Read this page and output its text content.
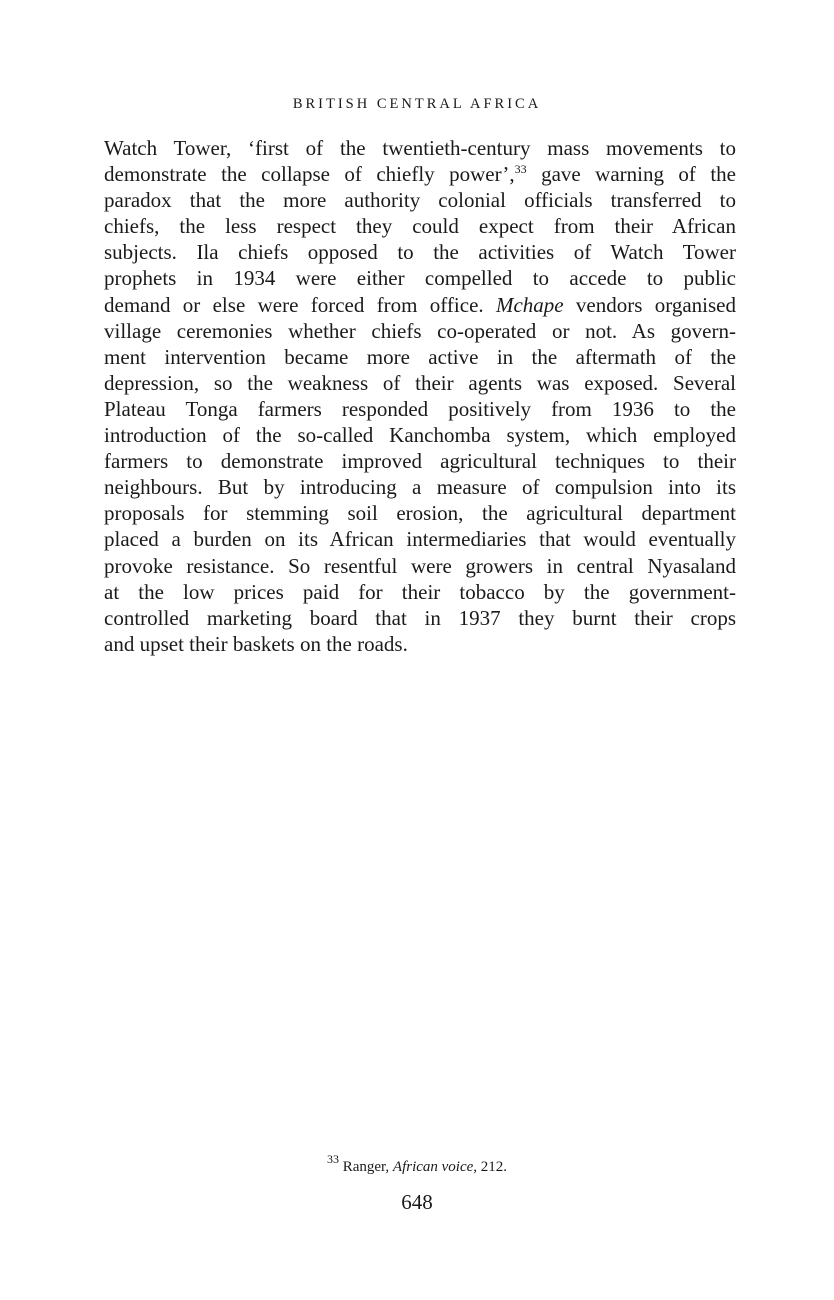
BRITISH CENTRAL AFRICA
Watch Tower, ‘first of the twentieth-century mass movements to
demonstrate the collapse of chiefly power’,$^{33}$ gave warning of the
paradox that the more authority colonial officials transferred to
chiefs, the less respect they could expect from their African
subjects. Ila chiefs opposed to the activities of Watch Tower
prophets in 1934 were either compelled to accede to public
demand or else were forced from office. Mchape vendors organised
village ceremonies whether chiefs co-operated or not. As govern-
ment intervention became more active in the aftermath of the
depression, so the weakness of their agents was exposed. Several
Plateau Tonga farmers responded positively from 1936 to the
introduction of the so-called Kanchomba system, which employed
farmers to demonstrate improved agricultural techniques to their
neighbours. But by introducing a measure of compulsion into its
proposals for stemming soil erosion, the agricultural department
placed a burden on its African intermediaries that would eventually
provoke resistance. So resentful were growers in central Nyasaland
at the low prices paid for their tobacco by the government-
controlled marketing board that in 1937 they burnt their crops
and upset their baskets on the roads.

$^{33}$ Ranger, African voice, 212.

648
